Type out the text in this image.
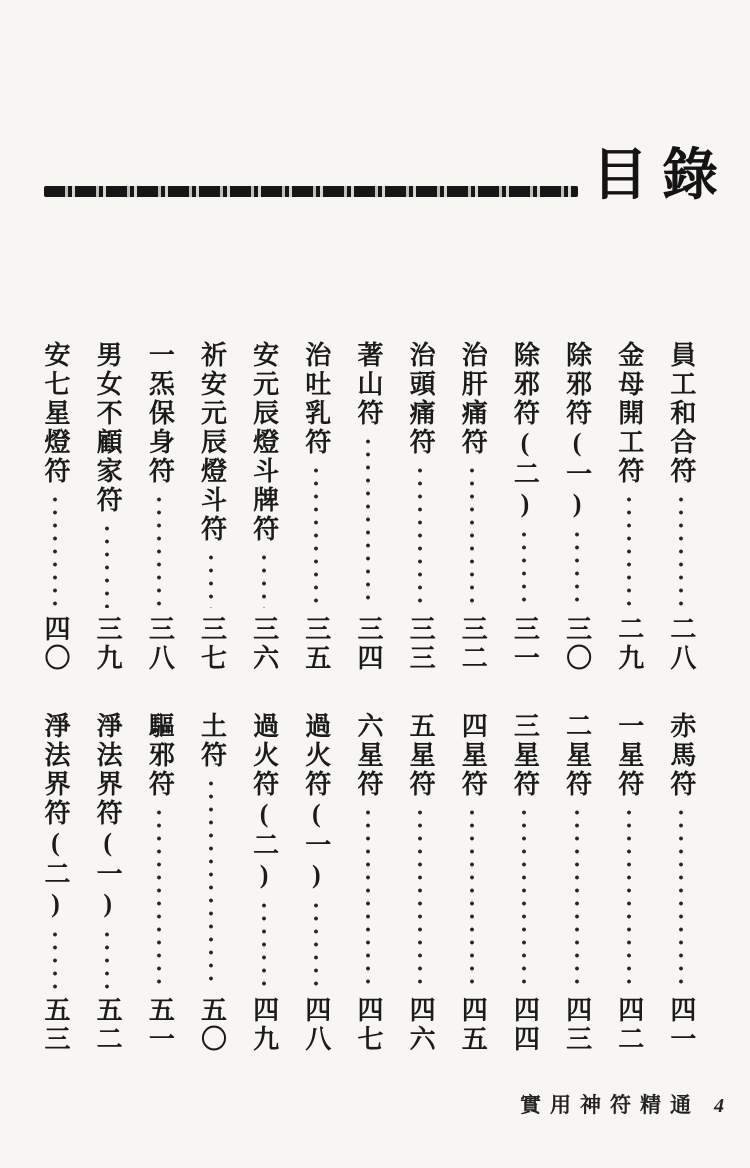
目錄
員工和合符
二八
金母開工符
二九
除邪符(一)
三〇
除邪符(二)
三一
治肝痛符
三二
治頭痛符
三三
著山符
三四
治吐乳符
三五
安元辰燈斗牌符
三六
祈安元辰燈斗符
三七
一炁保身符
三八
男女不顧家符
三九
安七星燈符
四〇
赤馬符
四一
一星符
四二
二星符
四三
三星符
四四
四星符
四五
五星符
四六
六星符
四七
過火符(一)
四八
過火符(二)
四九
土符
五〇
驅邪符
五一
淨法界符(一)
五二
淨法界符(二)
五三
實用神符精通 4
